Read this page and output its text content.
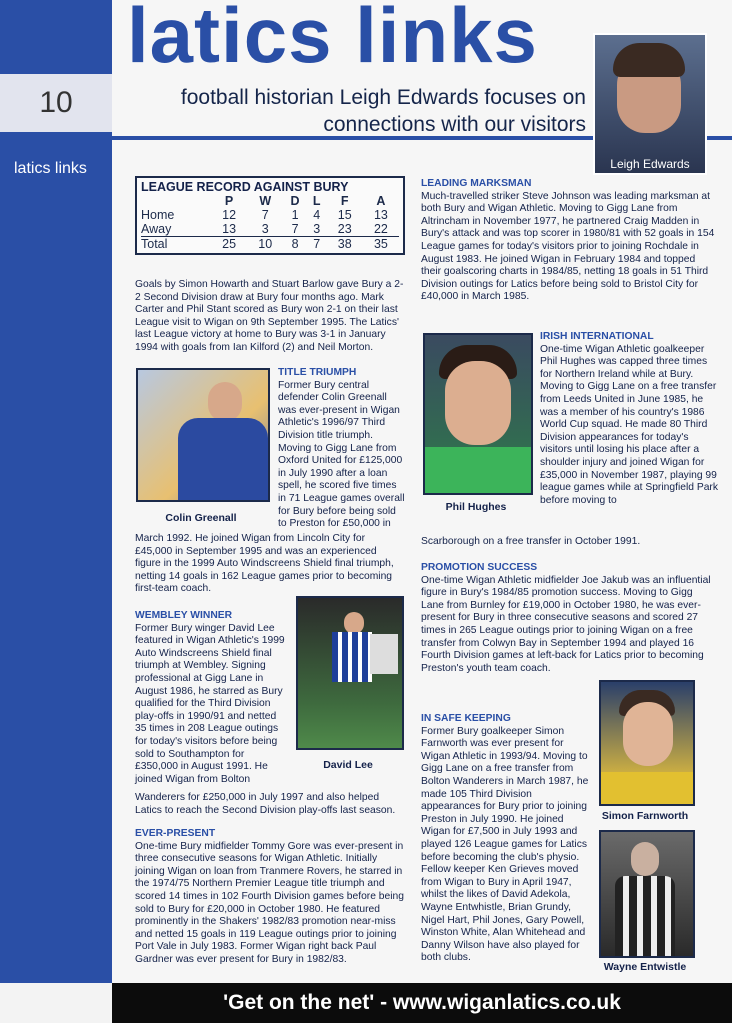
10
latics links
latics links
football historian Leigh Edwards focuses on connections with our visitors
Leigh Edwards
LEAGUE RECORD AGAINST BURY
	P	W	D	L	F	A
Home	12	7	1	4	15	13
Away	13	3	7	3	23	22
Total	25	10	8	7	38	35

Goals by Simon Howarth and Stuart Barlow gave Bury a 2-2 Second Division draw at Bury four months ago. Mark Carter and Phil Stant scored as Bury won 2-1 on their last League visit to Wigan on 9th September 1995. The Latics' last League victory at home to Bury was 3-1 in January 1994 with goals from Ian Kilford (2) and Neil Morton.

Colin Greenall
TITLE TRIUMPH

Former Bury central defender Colin Greenall was ever-present in Wigan Athletic's 1996/97 Third Division title triumph. Moving to Gigg Lane from Oxford United for £125,000 in July 1990 after a loan spell, he scored five times in 71 League games overall for Bury before being sold to Preston for £50,000 in

March 1992. He joined Wigan from Lincoln City for £45,000 in September 1995 and was an experienced figure in the 1999 Auto Windscreens Shield final triumph, netting 14 goals in 162 League games prior to becoming first-team coach.

WEMBLEY WINNER

Former Bury winger David Lee featured in Wigan Athletic's 1999 Auto Windscreens Shield final triumph at Wembley. Signing professional at Gigg Lane in August 1986, he starred as Bury qualified for the Third Division play-offs in 1990/91 and netted 35 times in 208 League outings for today's visitors before being sold to Southampton for £350,000 in August 1991. He joined Wigan from Bolton

David Lee

Wanderers for £250,000 in July 1997 and also helped Latics to reach the Second Division play-offs last season.

EVER-PRESENT

One-time Bury midfielder Tommy Gore was ever-present in three consecutive seasons for Wigan Athletic. Initially joining Wigan on loan from Tranmere Rovers, he starred in the 1974/75 Northern Premier League title triumph and scored 14 times in 102 Fourth Division games before being sold to Bury for £20,000 in October 1980. He featured prominently in the Shakers' 1982/83 promotion near-miss and netted 15 goals in 119 League outings prior to joining Port Vale in July 1983. Former Wigan right back Paul Gardner was ever present for Bury in 1982/83.

LEADING MARKSMAN

Much-travelled striker Steve Johnson was leading marksman at both Bury and Wigan Athletic. Moving to Gigg Lane from Altrincham in November 1977, he partnered Craig Madden in Bury's attack and was top scorer in 1980/81 with 52 goals in 154 League games for today's visitors prior to joining Rochdale in August 1983. He joined Wigan in February 1984 and topped their goalscoring charts in 1984/85, netting 18 goals in 51 Third Division outings for Latics before being sold to Bristol City for £40,000 in March 1985.

Phil Hughes
IRISH INTERNATIONAL

One-time Wigan Athletic goalkeeper Phil Hughes was capped three times for Northern Ireland while at Bury. Moving to Gigg Lane on a free transfer from Leeds United in June 1985, he was a member of his country's 1986 World Cup squad. He made 80 Third Division appearances for today's visitors until losing his place after a shoulder injury and joined Wigan for £35,000 in November 1987, playing 99 league games while at Springfield Park before moving to

Scarborough on a free transfer in October 1991.

PROMOTION SUCCESS

One-time Wigan Athletic midfielder Joe Jakub was an influential figure in Bury's 1984/85 promotion success. Moving to Gigg Lane from Burnley for £19,000 in October 1980, he was ever-present for Bury in three consecutive seasons and scored 27 times in 265 League outings prior to joining Wigan on a free transfer from Colwyn Bay in September 1994 and played 16 Fourth Division games at left-back for Latics prior to becoming Preston's youth team coach.

IN SAFE KEEPING

Former Bury goalkeeper Simon Farnworth was ever present for Wigan Athletic in 1993/94. Moving to Gigg Lane on a free transfer from Bolton Wanderers in March 1987, he made 105 Third Division appearances for Bury prior to joining Preston in July 1990. He joined Wigan for £7,500 in July 1993 and played 126 League games for Latics before becoming the club's physio. Fellow keeper Ken Grieves moved from Wigan to Bury in April 1947, whilst the likes of David Adekola, Wayne Entwhistle, Brian Grundy, Nigel Hart, Phil Jones, Gary Powell, Winston White, Alan Whitehead and Danny Wilson have also played for both clubs.

Simon Farnworth
Wayne Entwistle
'Get on the net' - www.wiganlatics.co.uk
